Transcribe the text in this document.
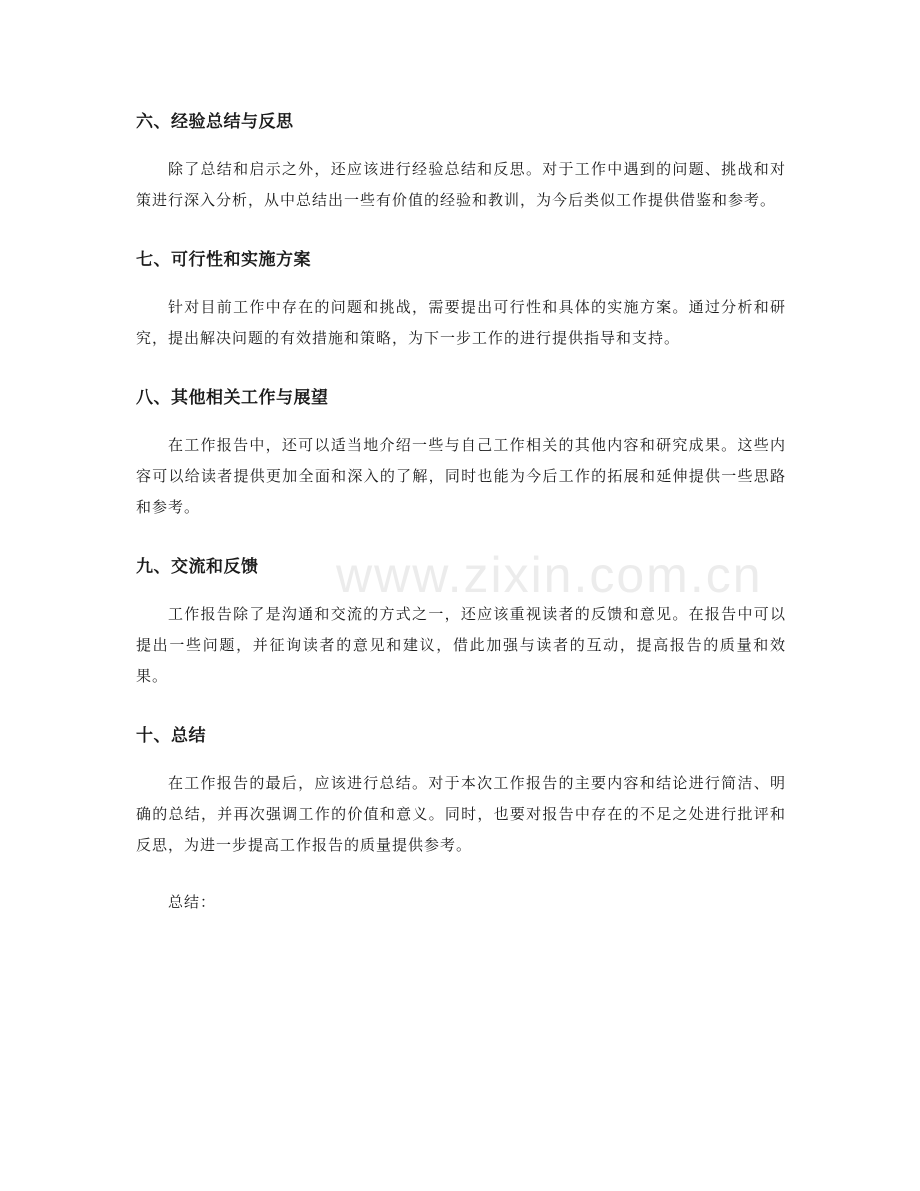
六、经验总结与反思

除了总结和启示之外，还应该进行经验总结和反思。对于工作中遇到的问题、挑战和对策进行深入分析，从中总结出一些有价值的经验和教训，为今后类似工作提供借鉴和参考。

七、可行性和实施方案

针对目前工作中存在的问题和挑战，需要提出可行性和具体的实施方案。通过分析和研究，提出解决问题的有效措施和策略，为下一步工作的进行提供指导和支持。

八、其他相关工作与展望

在工作报告中，还可以适当地介绍一些与自己工作相关的其他内容和研究成果。这些内容可以给读者提供更加全面和深入的了解，同时也能为今后工作的拓展和延伸提供一些思路和参考。

九、交流和反馈

工作报告除了是沟通和交流的方式之一，还应该重视读者的反馈和意见。在报告中可以提出一些问题，并征询读者的意见和建议，借此加强与读者的互动，提高报告的质量和效果。

十、总结

在工作报告的最后，应该进行总结。对于本次工作报告的主要内容和结论进行简洁、明确的总结，并再次强调工作的价值和意义。同时，也要对报告中存在的不足之处进行批评和反思，为进一步提高工作报告的质量提供参考。

总结：

www.zixin.com.cn
